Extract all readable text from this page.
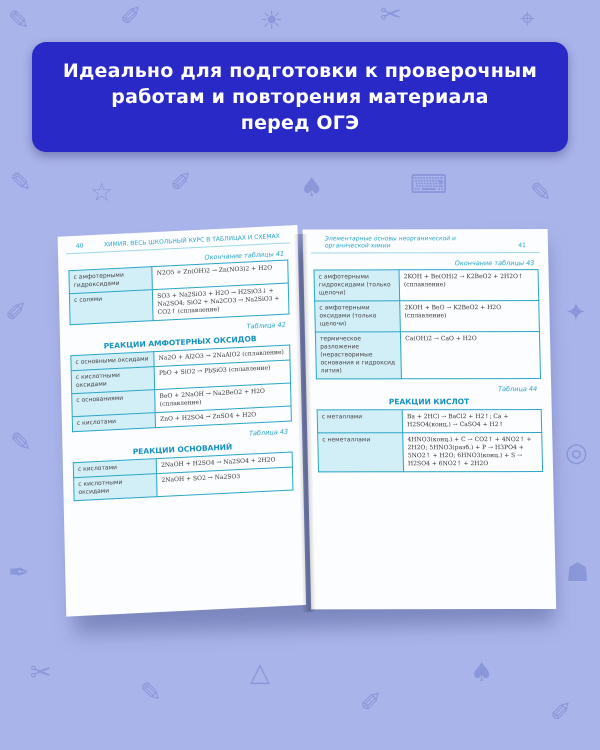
✎	✐	☀	✂	⌖
✎ ☆ ✐	♠	⌨	✎
✐	✦
✎	◎
✒	☗
✂
✎
△
✐
♠
✐
Идеально для подготовки к проверочным
работам и повторения материала
перед ОГЭ
40	ХИМИЯ. ВЕСЬ ШКОЛЬНЫЙ КУРС В ТАБЛИЦАХ И СХЕМАХ
Окончание таблицы 41
с амфотерными гидроксидами	N2O5 + Zn(OH)2 → Zn(NO3)2 + H2O
с солями	SO3 + Na2SiO3 + H2O → H2SiO3↓ + Na2SO4; SiO2 + Na2CO3 → Na2SiO3 + CO2↑ (сплавление)
Таблица 42
РЕАКЦИИ АМФОТЕРНЫХ ОКСИДОВ
с основными оксидами	Na2O + Al2O3 → 2NaAlO2 (сплавление)
с кислотными оксидами	PbO + SiO2 → PbSiO3 (сплавление)
с основаниями	BeO + 2NaOH → Na2BeO2 + H2O (сплавление)
с кислотами	ZnO + H2SO4 → ZnSO4 + H2O
Таблица 43
РЕАКЦИИ ОСНОВАНИЙ
с кислотами	2NaOH + H2SO4 → Na2SO4 + 2H2O
с кислотными оксидами	2NaOH + SO2 → Na2SO3
Элементарные основы неорганической и органической химии	41
Окончание таблицы 43
с амфотерными гидроксидами (только щелочи)	2KOH + Be(OH)2 → K2BeO2 + 2H2O↑ (сплавление)
с амфотерными оксидами (только щелочи)	2KOH + BeO → K2BeO2 + H2O (сплавление)
термическое разложение (нерастворимые основания и гидроксид лития)	Ca(OH)2 → CaO + H2O
Таблица 44
РЕАКЦИИ КИСЛОТ
с металлами	Ba + 2HCl → BaCl2 + H2↑; Ca + H2SO4(конц.) → CaSO4 + H2↑
с неметаллами	4HNO3(конц.) + C → CO2↑ + 4NO2↑ + 2H2O; 5HNO3(разб.) + P → H3PO4 + 5NO2↑ + H2O; 6HNO3(конц.) + S → H2SO4 + 6NO2↑ + 2H2O
